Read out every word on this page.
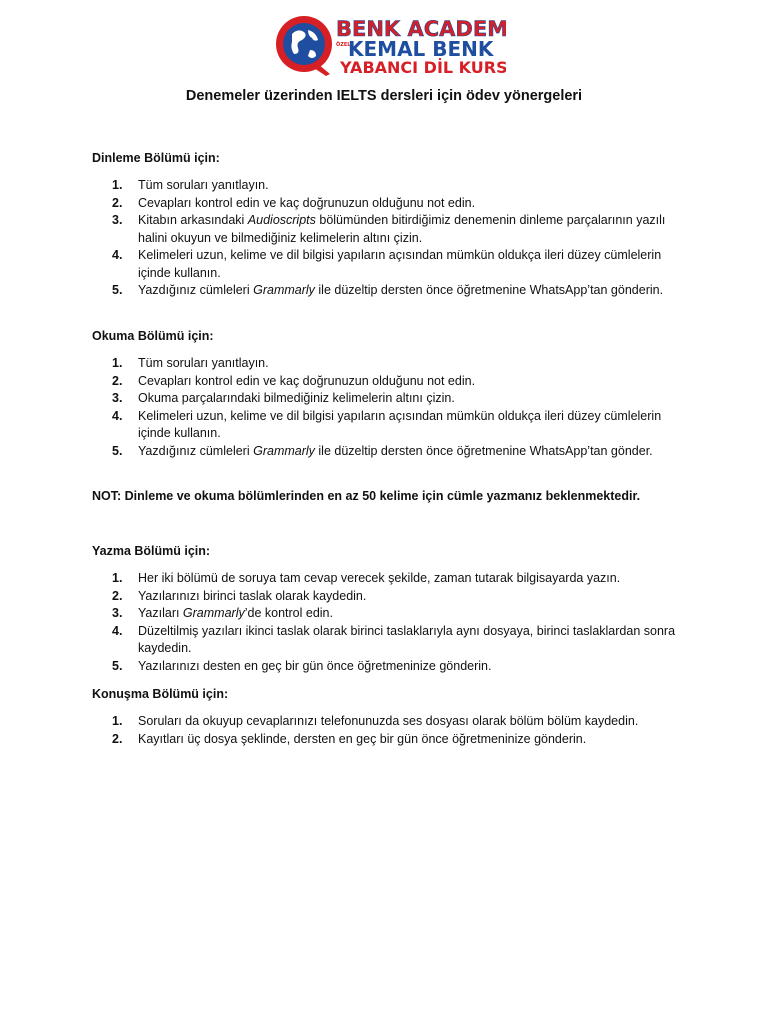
BENK ACADEMY
ÖZEL
KEMAL BENK
YABANCI DİL KURSU
Denemeler üzerinden IELTS dersleri için ödev yönergeleri
Dinleme Bölümü için:
1. Tüm soruları yanıtlayın.
2. Cevapları kontrol edin ve kaç doğrunuzun olduğunu not edin.
3. Kitabın arkasındaki Audioscripts bölümünden bitirdiğimiz denemenin dinleme parçalarının yazılı halini okuyun ve bilmediğiniz kelimelerin altını çizin.
4. Kelimeleri uzun, kelime ve dil bilgisi yapıların açısından mümkün oldukça ileri düzey cümlelerin içinde kullanın.
5. Yazdığınız cümleleri Grammarly ile düzeltip dersten önce öğretmenine WhatsApp’tan gönderin.
Okuma Bölümü için:
1. Tüm soruları yanıtlayın.
2. Cevapları kontrol edin ve kaç doğrunuzun olduğunu not edin.
3. Okuma parçalarındaki bilmediğiniz kelimelerin altını çizin.
4. Kelimeleri uzun, kelime ve dil bilgisi yapıların açısından mümkün oldukça ileri düzey cümlelerin içinde kullanın.
5. Yazdığınız cümleleri Grammarly ile düzeltip dersten önce öğretmenine WhatsApp’tan gönder.
NOT: Dinleme ve okuma bölümlerinden en az 50 kelime için cümle yazmanız beklenmektedir.
Yazma Bölümü için:
1. Her iki bölümü de soruya tam cevap verecek şekilde, zaman tutarak bilgisayarda yazın.
2. Yazılarınızı birinci taslak olarak kaydedin.
3. Yazıları Grammarly’de kontrol edin.
4. Düzeltilmiş yazıları ikinci taslak olarak birinci taslaklarıyla aynı dosyaya, birinci taslaklardan sonra kaydedin.
5. Yazılarınızı desten en geç bir gün önce öğretmeninize gönderin.
Konuşma Bölümü için:
1. Soruları da okuyup cevaplarınızı telefonunuzda ses dosyası olarak bölüm bölüm kaydedin.
2. Kayıtları üç dosya şeklinde, dersten en geç bir gün önce öğretmeninize gönderin.
